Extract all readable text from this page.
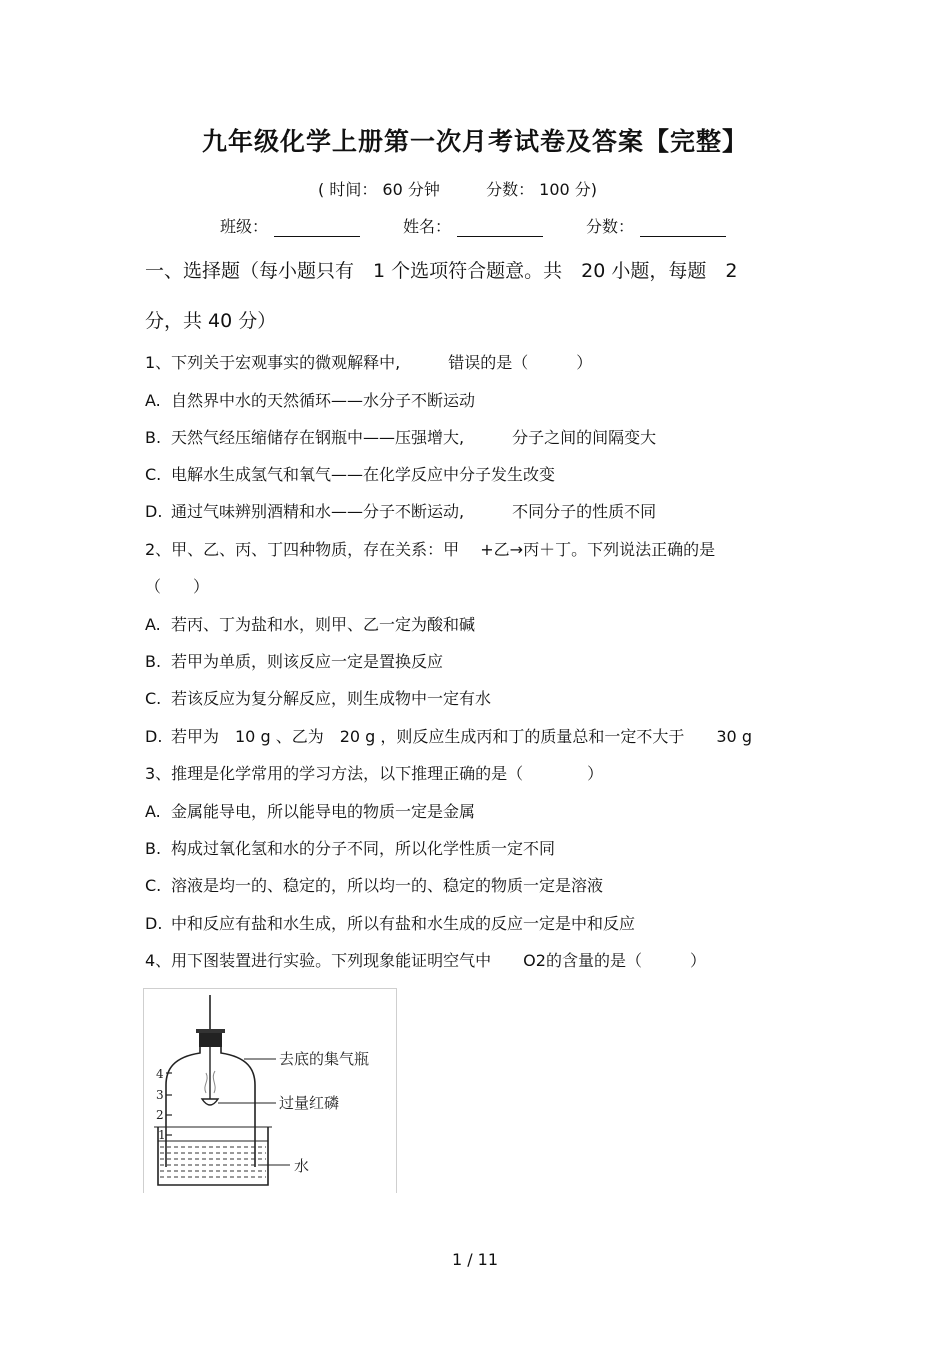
九年级化学上册第一次月考试卷及答案【完整】
( 时间： 60 分钟	分数： 100 分)
班级：	姓名：	分数：
一、选择题（每小题只有　1 个选项符合题意。共　20 小题，每题　2
分，共 40 分）
1、下列关于宏观事实的微观解释中,　　　错误的是（　　　）
A. 自然界中水的天然循环——水分子不断运动
B. 天然气经压缩储存在钢瓶中——压强增大,　　　分子之间的间隔变大
C. 电解水生成氢气和氧气——在化学反应中分子发生改变
D. 通过气味辨别酒精和水——分子不断运动,　　　不同分子的性质不同
2、甲、乙、丙、丁四种物质，存在关系：甲　 +乙→丙＋丁。下列说法正确的是
（　　）
A. 若丙、丁为盐和水，则甲、乙一定为酸和碱
B. 若甲为单质，则该反应一定是置换反应
C. 若该反应为复分解反应，则生成物中一定有水
D. 若甲为　10 g 、乙为　20 g ，则反应生成丙和丁的质量总和一定不大于　　30 g
3、推理是化学常用的学习方法，以下推理正确的是（　　　　）
A. 金属能导电，所以能导电的物质一定是金属
B. 构成过氧化氢和水的分子不同，所以化学性质一定不同
C. 溶液是均一的、稳定的，所以均一的、稳定的物质一定是溶液
D. 中和反应有盐和水生成，所以有盐和水生成的反应一定是中和反应
4、用下图装置进行实验。下列现象能证明空气中　　O2的含量的是（　　　）
4
3
2
1
去底的集气瓶
过量红磷
水
1 / 11
